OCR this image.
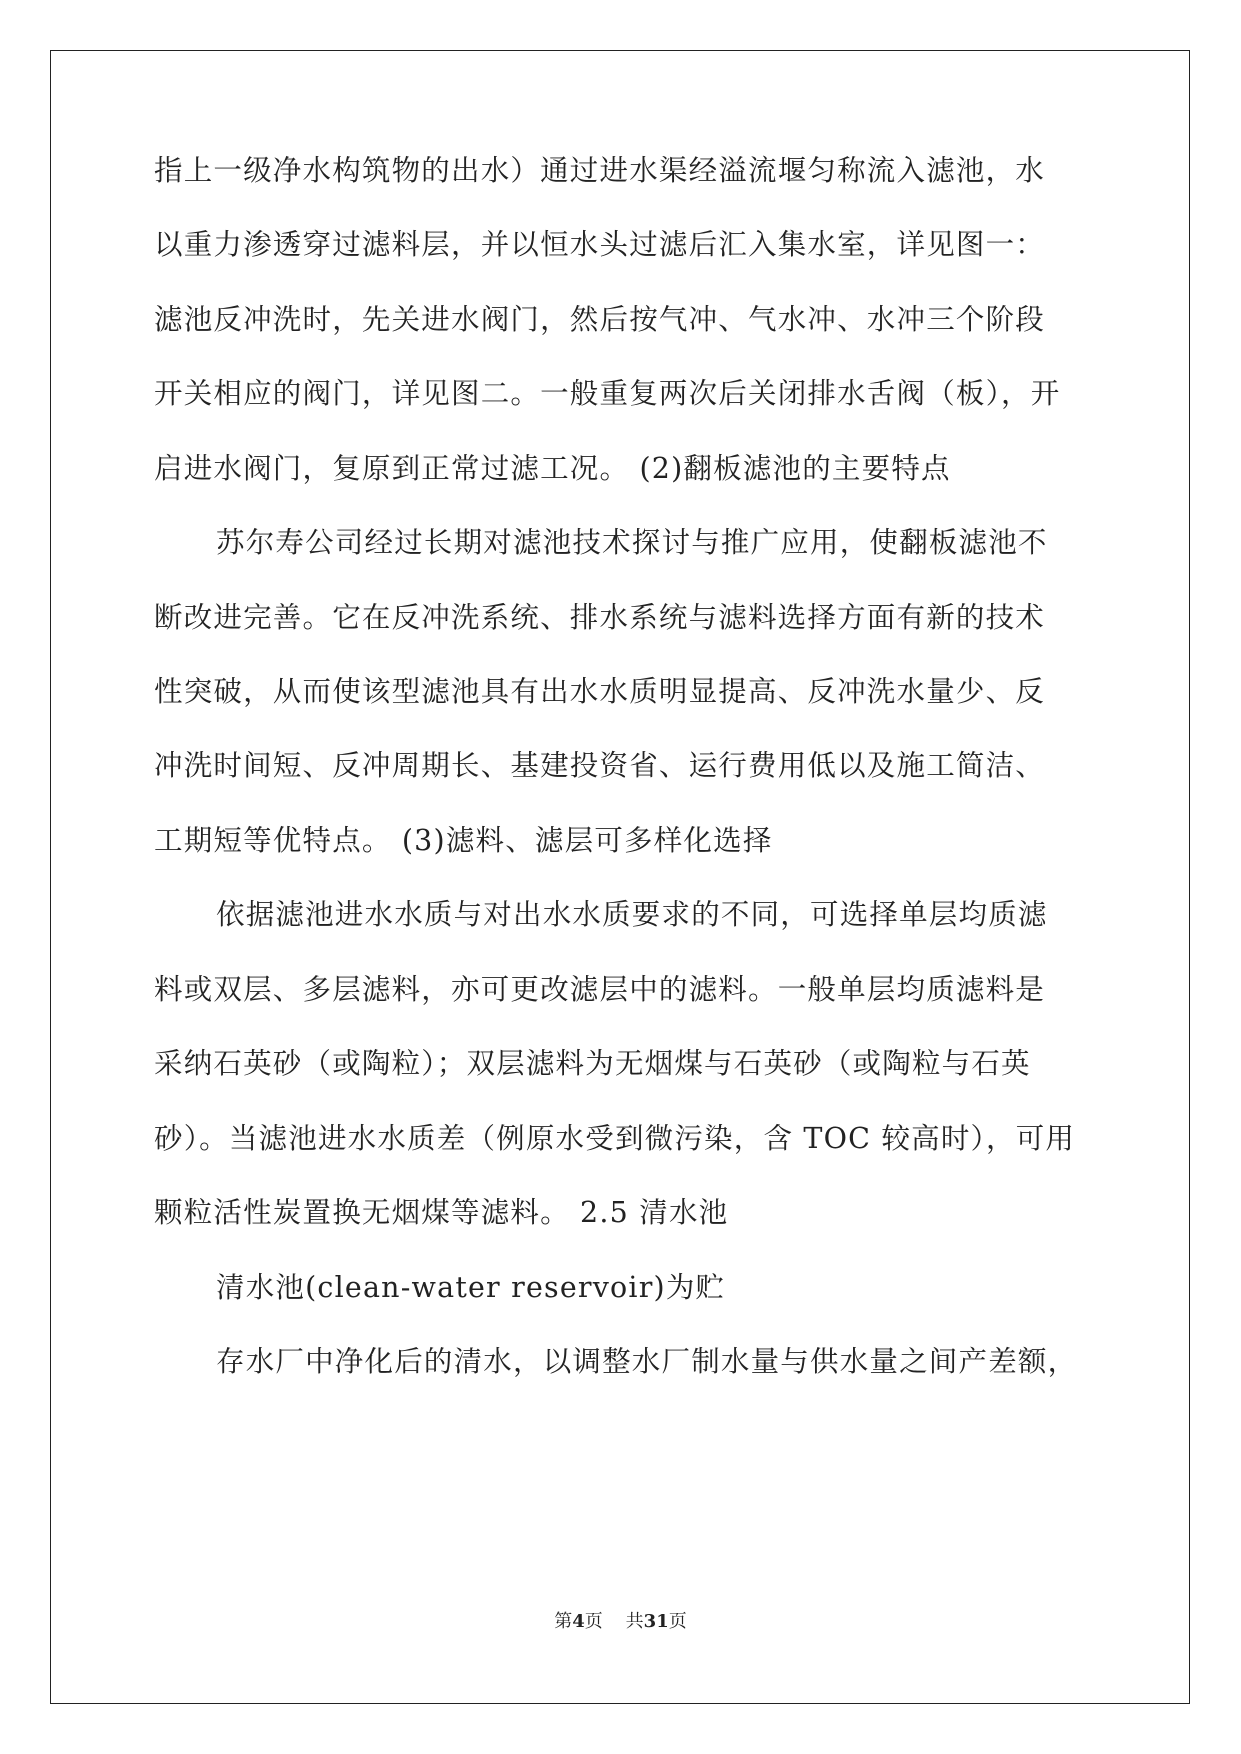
指上一级净水构筑物的出水）通过进水渠经溢流堰匀称流入滤池，水

以重力渗透穿过滤料层，并以恒水头过滤后汇入集水室，详见图一：

滤池反冲洗时，先关进水阀门，然后按气冲、气水冲、水冲三个阶段

开关相应的阀门，详见图二。一般重复两次后关闭排水舌阀（板），开

启进水阀门，复原到正常过滤工况。 (2)翻板滤池的主要特点

苏尔寿公司经过长期对滤池技术探讨与推广应用，使翻板滤池不

断改进完善。它在反冲洗系统、排水系统与滤料选择方面有新的技术

性突破，从而使该型滤池具有出水水质明显提高、反冲洗水量少、反

冲洗时间短、反冲周期长、基建投资省、运行费用低以及施工简洁、

工期短等优特点。 (3)滤料、滤层可多样化选择

依据滤池进水水质与对出水水质要求的不同，可选择单层均质滤

料或双层、多层滤料，亦可更改滤层中的滤料。一般单层均质滤料是

采纳石英砂（或陶粒）；双层滤料为无烟煤与石英砂（或陶粒与石英

砂）。当滤池进水水质差（例原水受到微污染，含 TOC 较高时），可用

颗粒活性炭置换无烟煤等滤料。 2.5 清水池

清水池(clean-water reservoir)为贮

存水厂中净化后的清水，以调整水厂制水量与供水量之间产差额，

第4页 共31页
